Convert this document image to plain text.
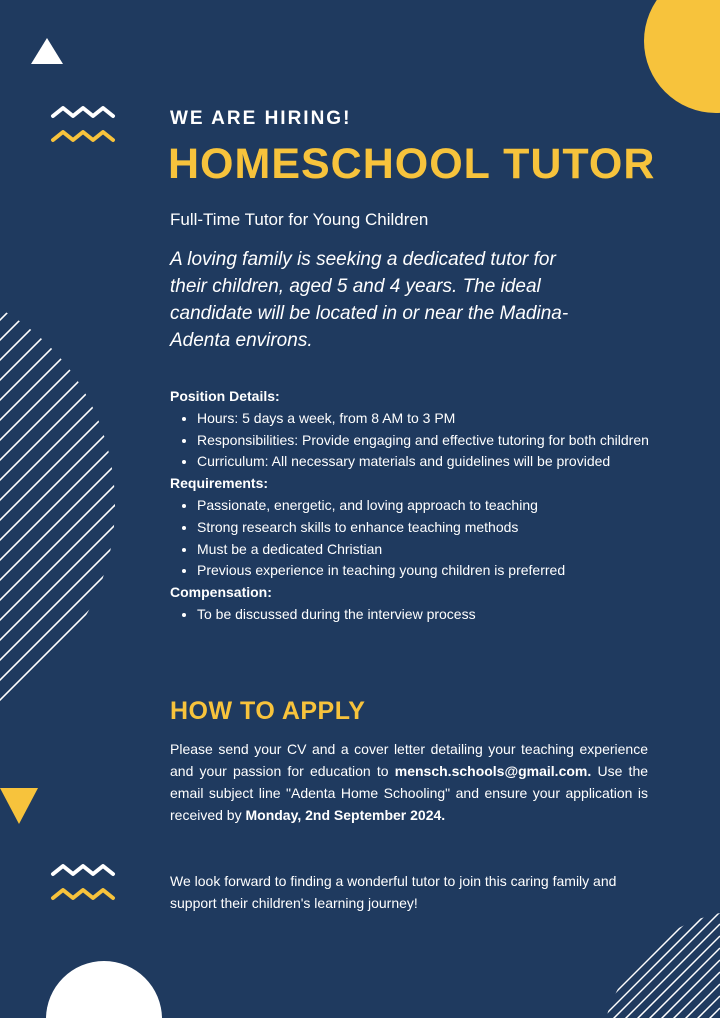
WE ARE HIRING!
HOMESCHOOL TUTOR
Full-Time Tutor for Young Children
A loving family is seeking a dedicated tutor for
their children, aged 5 and 4 years. The ideal
candidate will be located in or near the Madina-
Adenta environs.
Position Details:
• Hours: 5 days a week, from 8 AM to 3 PM
• Responsibilities: Provide engaging and effective tutoring for both children
• Curriculum: All necessary materials and guidelines will be provided
Requirements:
• Passionate, energetic, and loving approach to teaching
• Strong research skills to enhance teaching methods
• Must be a dedicated Christian
• Previous experience in teaching young children is preferred
Compensation:
• To be discussed during the interview process
HOW TO APPLY
Please send your CV and a cover letter detailing your teaching experience and your passion for education to mensch.schools@gmail.com. Use the email subject line "Adenta Home Schooling" and ensure your application is received by Monday, 2nd September 2024.
We look forward to finding a wonderful tutor to join this caring family and support their children's learning journey!
